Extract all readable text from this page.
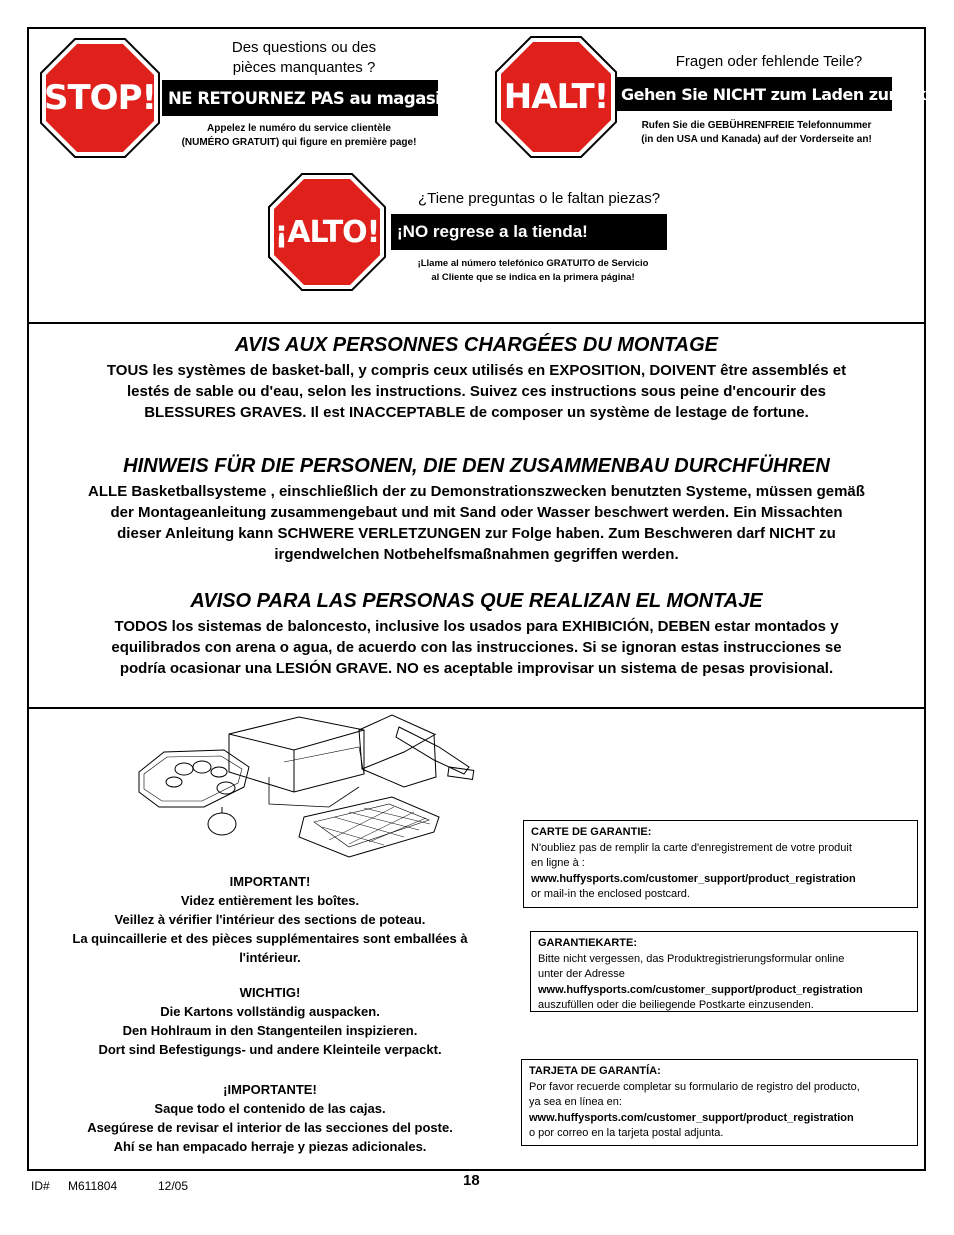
STOP!
Des questions ou des
pièces manquantes ?
NE RETOURNEZ PAS au magasin !
Appelez le numéro du service clientèle
(NUMÉRO GRATUIT) qui figure en première page!
HALT!
Fragen oder fehlende Teile?
Gehen Sie NICHT zum Laden zurück!
Rufen Sie die GEBÜHRENFREIE Telefonnummer
(in den USA und Kanada) auf der Vorderseite an!
¡ALTO!
¿Tiene preguntas o le faltan piezas?
¡NO regrese a la tienda!
¡Llame al número telefónico GRATUITO de Servicio
al Cliente que se indica en la primera página!
AVIS AUX PERSONNES CHARGÉES DU MONTAGE
TOUS les systèmes de basket-ball, y compris ceux utilisés en EXPOSITION, DOIVENT être assemblés et
lestés de sable ou d'eau, selon les instructions. Suivez ces instructions sous peine d'encourir des
BLESSURES GRAVES. Il est INACCEPTABLE de composer un système de lestage de fortune.
HINWEIS FÜR DIE PERSONEN, DIE DEN ZUSAMMENBAU DURCHFÜHREN
ALLE Basketballsysteme , einschließlich der zu Demonstrationszwecken benutzten Systeme, müssen gemäß
der Montageanleitung zusammengebaut und mit Sand oder Wasser beschwert werden. Ein Missachten
dieser Anleitung kann SCHWERE VERLETZUNGEN zur Folge haben. Zum Beschweren darf NICHT zu
irgendwelchen Notbehelfsmaßnahmen gegriffen werden.
AVISO PARA LAS PERSONAS QUE REALIZAN EL MONTAJE
TODOS los sistemas de baloncesto, inclusive los usados para EXHIBICIÓN, DEBEN estar montados y
equilibrados con arena o agua, de acuerdo con las instrucciones. Si se ignoran estas instrucciones se
podría ocasionar una LESIÓN GRAVE. NO es aceptable improvisar un sistema de pesas provisional.
IMPORTANT!
Videz entièrement les boîtes.
Veillez à vérifier l'intérieur des sections de poteau.
La quincaillerie et des pièces supplémentaires sont emballées à
l'intérieur.
WICHTIG!
Die Kartons vollständig auspacken.
Den Hohlraum in den Stangenteilen inspizieren.
Dort sind Befestigungs- und andere Kleinteile verpackt.
¡IMPORTANTE!
Saque todo el contenido de las cajas.
Asegúrese de revisar el interior de las secciones del poste.
Ahí se han empacado herraje y piezas adicionales.
CARTE DE GARANTIE:
N'oubliez pas de remplir la carte d'enregistrement de votre produit
en ligne à :
www.huffysports.com/customer_support/product_registration
or mail-in the enclosed postcard.
GARANTIEKARTE:
Bitte nicht vergessen, das Produktregistrierungsformular online
unter der Adresse
www.huffysports.com/customer_support/product_registration
auszufüllen oder die beiliegende Postkarte einzusenden.
TARJETA DE GARANTÍA:
Por favor recuerde completar su formulario de registro del producto,
ya sea en línea en:
www.huffysports.com/customer_support/product_registration
o por correo en la tarjeta postal adjunta.
ID# M611804	12/05	18
